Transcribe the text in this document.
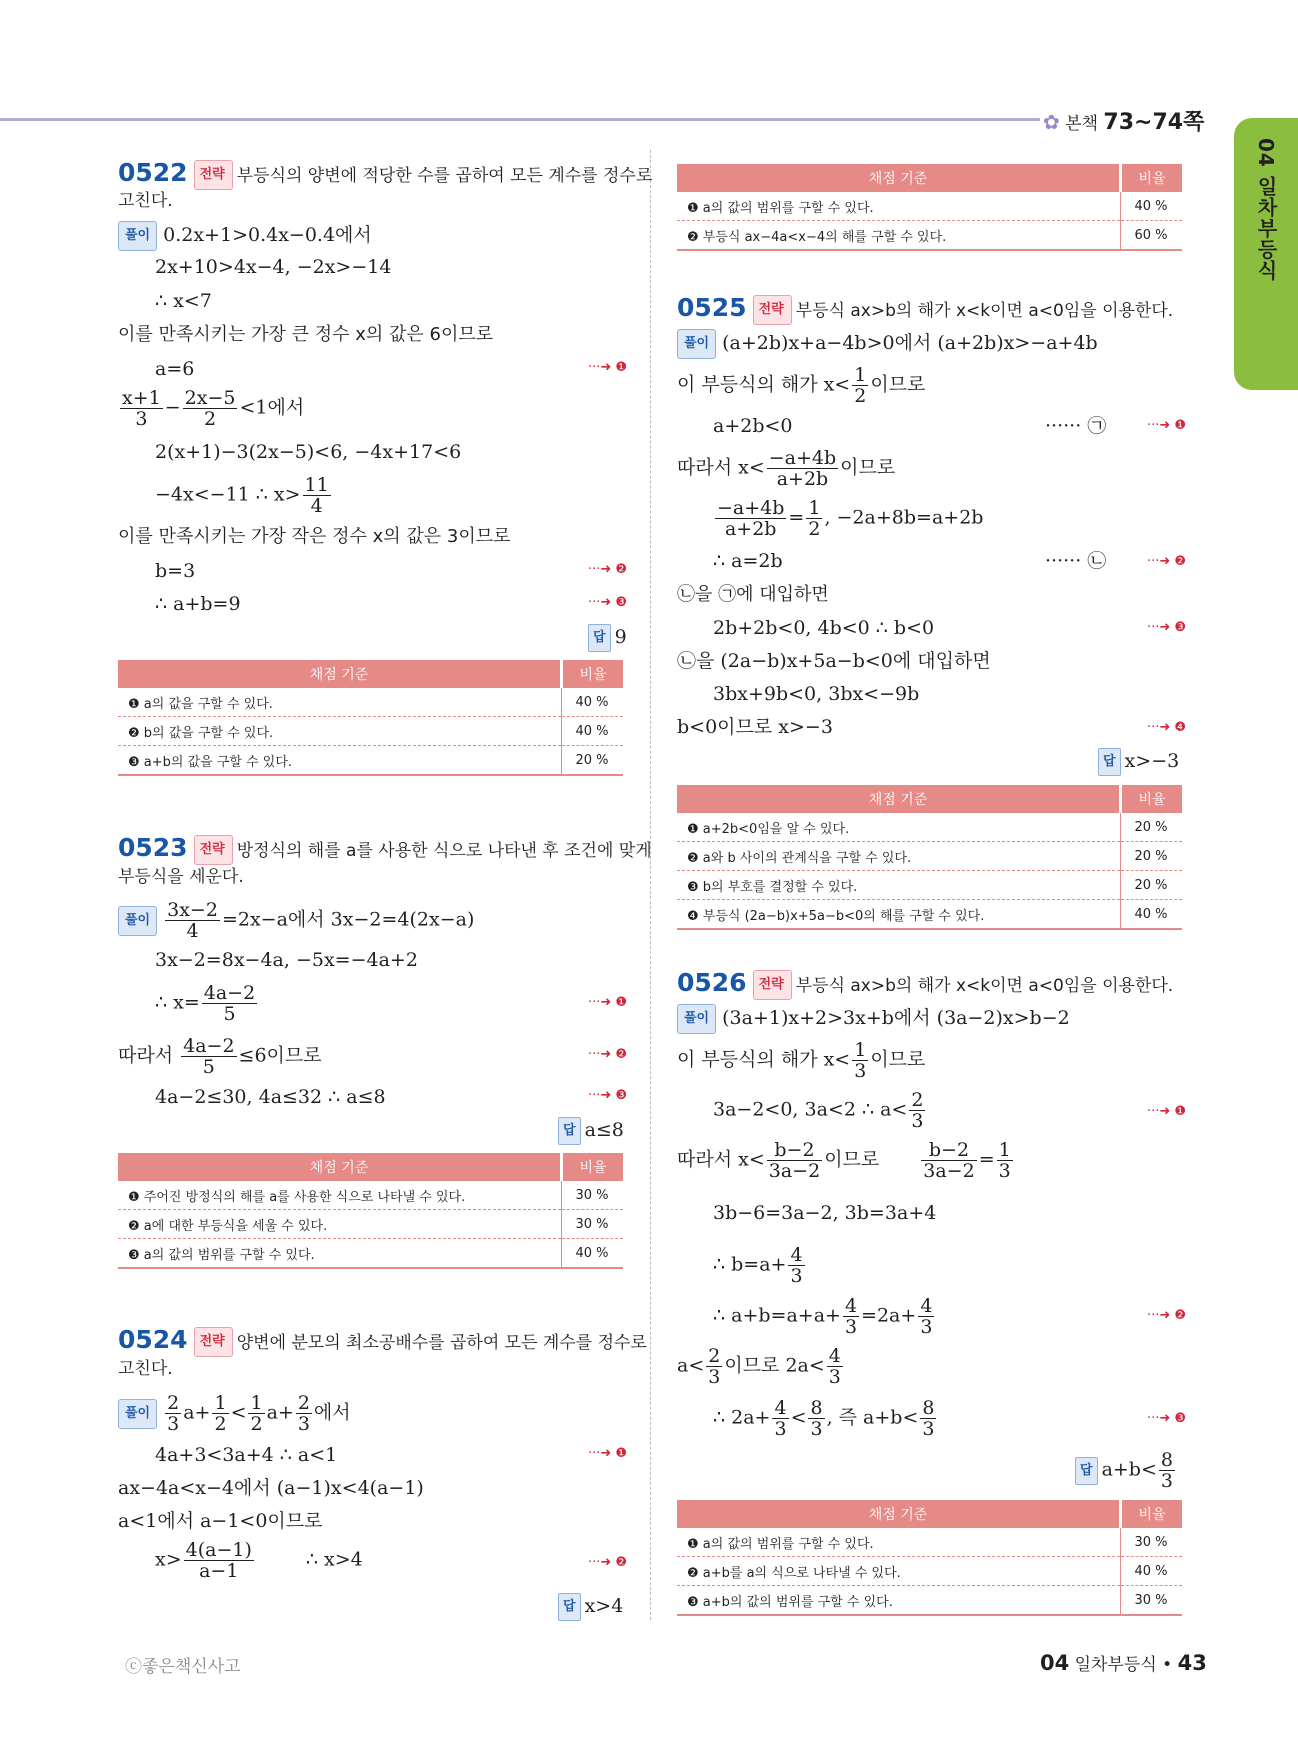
✿ 본책 73~74쪽
04 일차부등식
0522 전략 부등식의 양변에 적당한 수를 곱하여 모든 계수를 정수로
고친다.
풀이 0.2x+1>0.4x−0.4에서
2x+10>4x−4, −2x>−14
∴ x<7
이를 만족시키는 가장 큰 정수 x의 값은 6이므로
a=6	···➜ ❶
$\frac{x+1}{3} - \frac{2x-5}{2} <1$에서
2(x+1)−3(2x−5)<6, −4x+17<6
−4x<−11 ∴ $x> \frac{11}{4}$
이를 만족시키는 가장 작은 정수 x의 값은 3이므로
b=3	···➜ ❷
∴ a+b=9	···➜ ❸
답 9
채점 기준	비율
❶ a의 값을 구할 수 있다.	40 %
❷ b의 값을 구할 수 있다.	40 %
❸ a+b의 값을 구할 수 있다.	20 %
0523 전략 방정식의 해를 a를 사용한 식으로 나타낸 후 조건에 맞게
부등식을 세운다.
풀이 $\frac{3x-2}{4} =2x-a$에서 3x−2=4(2x−a)
3x−2=8x−4a, −5x=−4a+2
∴ $x= \frac{4a-2}{5}$	···➜ ❶
따라서 $\frac{4a-2}{5} \le 6$이므로	···➜ ❷
4a−2≤30, 4a≤32 ∴ a≤8	···➜ ❸
답 a≤8
채점 기준	비율
❶ 주어진 방정식의 해를 a를 사용한 식으로 나타낼 수 있다.	30 %
❷ a에 대한 부등식을 세울 수 있다.	30 %
❸ a의 값의 범위를 구할 수 있다.	40 %
0524 전략 양변에 분모의 최소공배수를 곱하여 모든 계수를 정수로
고친다.
풀이 $\frac{2}{3} a+ \frac{1}{2} < \frac{1}{2} a+ \frac{2}{3}$ 에서
4a+3<3a+4 ∴ a<1	···➜ ❶
ax−4a<x−4에서 (a−1)x<4(a−1)
a<1에서 a−1<0이므로
$x> \frac{4(a-1)}{a-1}$	∴ x>4	···➜ ❷
답 x>4
채점 기준	비율
❶ a의 값의 범위를 구할 수 있다.	40 %
❷ 부등식 ax−4a<x−4의 해를 구할 수 있다.	60 %
0525 전략 부등식 ax>b의 해가 x<k이면 a<0임을 이용한다.
풀이 (a+2b)x+a−4b>0에서 (a+2b)x>−a+4b
이 부등식의 해가 $x< \frac{1}{2}$ 이므로
a+2b<0	······ ㉠	···➜ ❶
따라서 $x< \frac{-a+4b}{a+2b}$ 이므로
$\frac{-a+4b}{a+2b} = \frac{1}{2}$ , −2a+8b=a+2b
∴ a=2b	······ ㉡	···➜ ❷
㉡을 ㉠에 대입하면
2b+2b<0, 4b<0 ∴ b<0	···➜ ❸
㉡을 (2a−b)x+5a−b<0에 대입하면
3bx+9b<0, 3bx<−9b
b<0이므로 x>−3	···➜ ❹
답 x>−3
채점 기준	비율
❶ a+2b<0임을 알 수 있다.	20 %
❷ a와 b 사이의 관계식을 구할 수 있다.	20 %
❸ b의 부호를 결정할 수 있다.	20 %
❹ 부등식 (2a−b)x+5a−b<0의 해를 구할 수 있다.	40 %
0526 전략 부등식 ax>b의 해가 x<k이면 a<0임을 이용한다.
풀이 (3a+1)x+2>3x+b에서 (3a−2)x>b−2
이 부등식의 해가 $x< \frac{1}{3}$ 이므로
3a−2<0, 3a<2 ∴ $a< \frac{2}{3}$	···➜ ❶
따라서 $x< \frac{b-2}{3a-2}$ 이므로 $\frac{b-2}{3a-2} = \frac{1}{3}$
3b−6=3a−2, 3b=3a+4
∴ $b=a+ \frac{4}{3}$
∴ $a+b=a+a+ \frac{4}{3} =2a+ \frac{4}{3}$	···➜ ❷
$a< \frac{2}{3}$ 이므로 $2a< \frac{4}{3}$
∴ $2a+ \frac{4}{3} < \frac{8}{3}$ , 즉 $a+b< \frac{8}{3}$	···➜ ❸
답 $a+b< \frac{8}{3}$
채점 기준	비율
❶ a의 값의 범위를 구할 수 있다.	30 %
❷ a+b를 a의 식으로 나타낼 수 있다.	40 %
❸ a+b의 값의 범위를 구할 수 있다.	30 %
ⓒ좋은책신사고	04 일차부등식 • 43
